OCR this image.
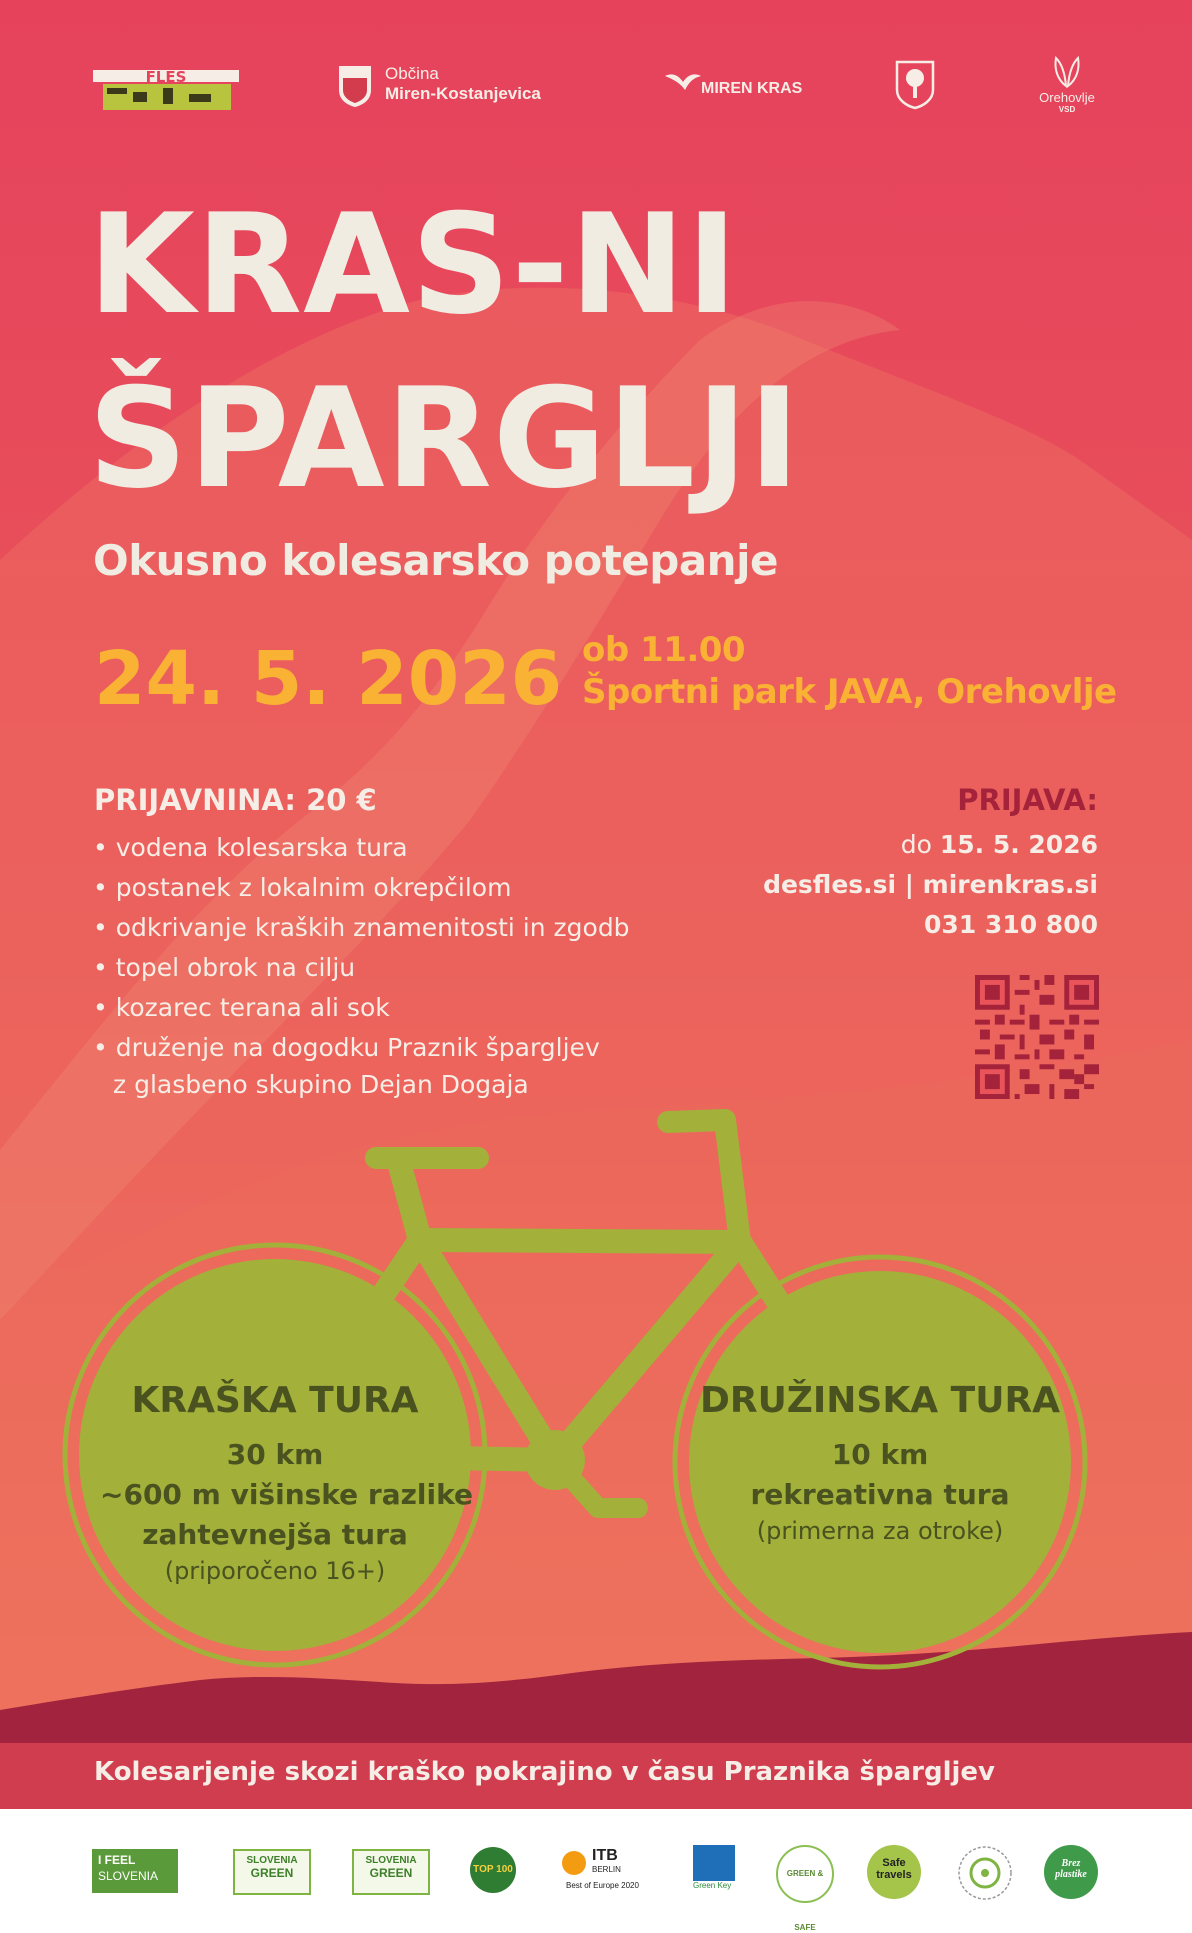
FLEŠ	Občina
Miren-Kostanjevica	MIREN KRAS
Orehovlje
VSD
KRAS-NI
ŠPARGLJI
Okusno kolesarsko potepanje
24. 5. 2026 ob 11.00
Športni park JAVA, Orehovlje
PRIJAVNINA: 20 €
• vodena kolesarska tura
• postanek z lokalnim okrepčilom
• odkrivanje kraških znamenitosti in zgodb
• topel obrok na cilju
• kozarec terana ali sok
• druženje na dogodku Praznik špargljev
z glasbeno skupino Dejan Dogaja
PRIJAVA:
do 15. 5. 2026
desfles.si | mirenkras.si
031 310 800
KRAŠKA TURA
30 km
~600 m višinske razlike
zahtevnejša tura
(priporočeno 16+)
DRUŽINSKA TURA
10 km
rekreativna tura
(primerna za otroke)
Kolesarjenje skozi kraško pokrajino v času Praznika špargljev
I FEEL
SLOVENIA
SLOVENIA
GREEN
SLOVENIA
GREEN	TOP 100
ITB
BERLIN
Best of Europe 2020	Green Key
GREEN & SAFE
Safe
travels
Brez
plastike
